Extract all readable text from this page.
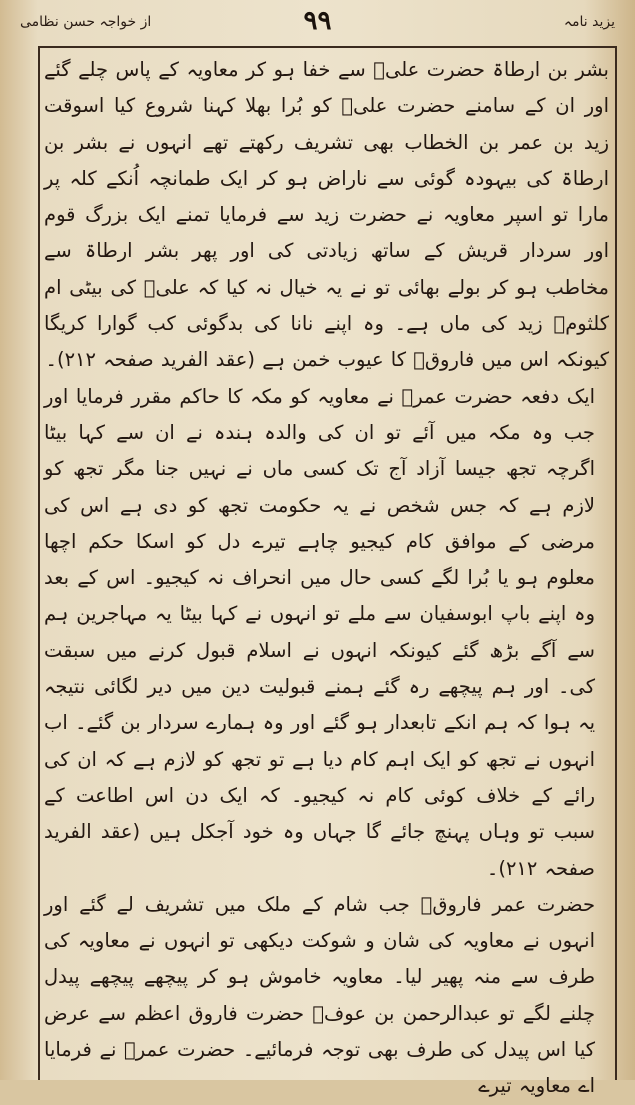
یزید نامہ
۹۹
از خواجہ حسن نظامی

بشر بن ارطاۃ حضرت علیؓ سے خفا ہو کر معاویہ کے پاس چلے گئے اور ان کے سامنے حضرت علیؓ کو بُرا بھلا کہنا شروع کیا اسوقت زید بن عمر بن الخطاب بھی تشریف رکھتے تھے انہوں نے بشر بن ارطاۃ کی بیہودہ گوئی سے ناراض ہو کر ایک طمانچہ اُنکے کلہ پر مارا تو اسپر معاویہ نے حضرت زید سے فرمایا تمنے ایک بزرگ قوم اور سردار قریش کے ساتھ زیادتی کی اور پھر بشر ارطاۃ سے مخاطب ہو کر بولے بھائی تو نے یہ خیال نہ کیا کہ علیؓ کی بیٹی ام کلثومؓ زید کی ماں ہے۔ وہ اپنے نانا کی بدگوئی کب گوارا کریگا کیونکہ اس میں فاروقؓ کا عیوب خمن ہے (عقد الفرید صفحہ ۲۱۲)۔

ایک دفعہ حضرت عمرؓ نے معاویہ کو مکہ کا حاکم مقرر فرمایا اور جب وہ مکہ میں آئے تو ان کی والدہ ہندہ نے ان سے کہا بیٹا اگرچہ تجھ جیسا آزاد آج تک کسی ماں نے نہیں جنا مگر تجھ کو لازم ہے کہ جس شخص نے یہ حکومت تجھ کو دی ہے اس کی مرضی کے موافق کام کیجیو چاہے تیرے دل کو اسکا حکم اچھا معلوم ہو یا بُرا لگے کسی حال میں انحراف نہ کیجیو۔ اس کے بعد وہ اپنے باپ ابوسفیان سے ملے تو انہوں نے کہا بیٹا یہ مہاجرین ہم سے آگے بڑھ گئے کیونکہ انہوں نے اسلام قبول کرنے میں سبقت کی۔ اور ہم پیچھے رہ گئے ہمنے قبولیت دین میں دیر لگائی نتیجہ یہ ہوا کہ ہم انکے تابعدار ہو گئے اور وہ ہمارے سردار بن گئے۔ اب انہوں نے تجھ کو ایک اہم کام دیا ہے تو تجھ کو لازم ہے کہ ان کی رائے کے خلاف کوئی کام نہ کیجیو۔ کہ ایک دن اس اطاعت کے سبب تو وہاں پہنچ جائے گا جہاں وہ خود آجکل ہیں (عقد الفرید صفحہ ۲۱۲)۔

حضرت عمر فاروقؓ جب شام کے ملک میں تشریف لے گئے اور انہوں نے معاویہ کی شان و شوکت دیکھی تو انہوں نے معاویہ کی طرف سے منہ پھیر لیا۔ معاویہ خاموش ہو کر پیچھے پیچھے پیدل چلنے لگے تو عبدالرحمن بن عوفؓ حضرت فاروق اعظم سے عرض کیا اس پیدل کی طرف بھی توجہ فرمائیے۔ حضرت عمرؓ نے فرمایا اے معاویہ تیرے
